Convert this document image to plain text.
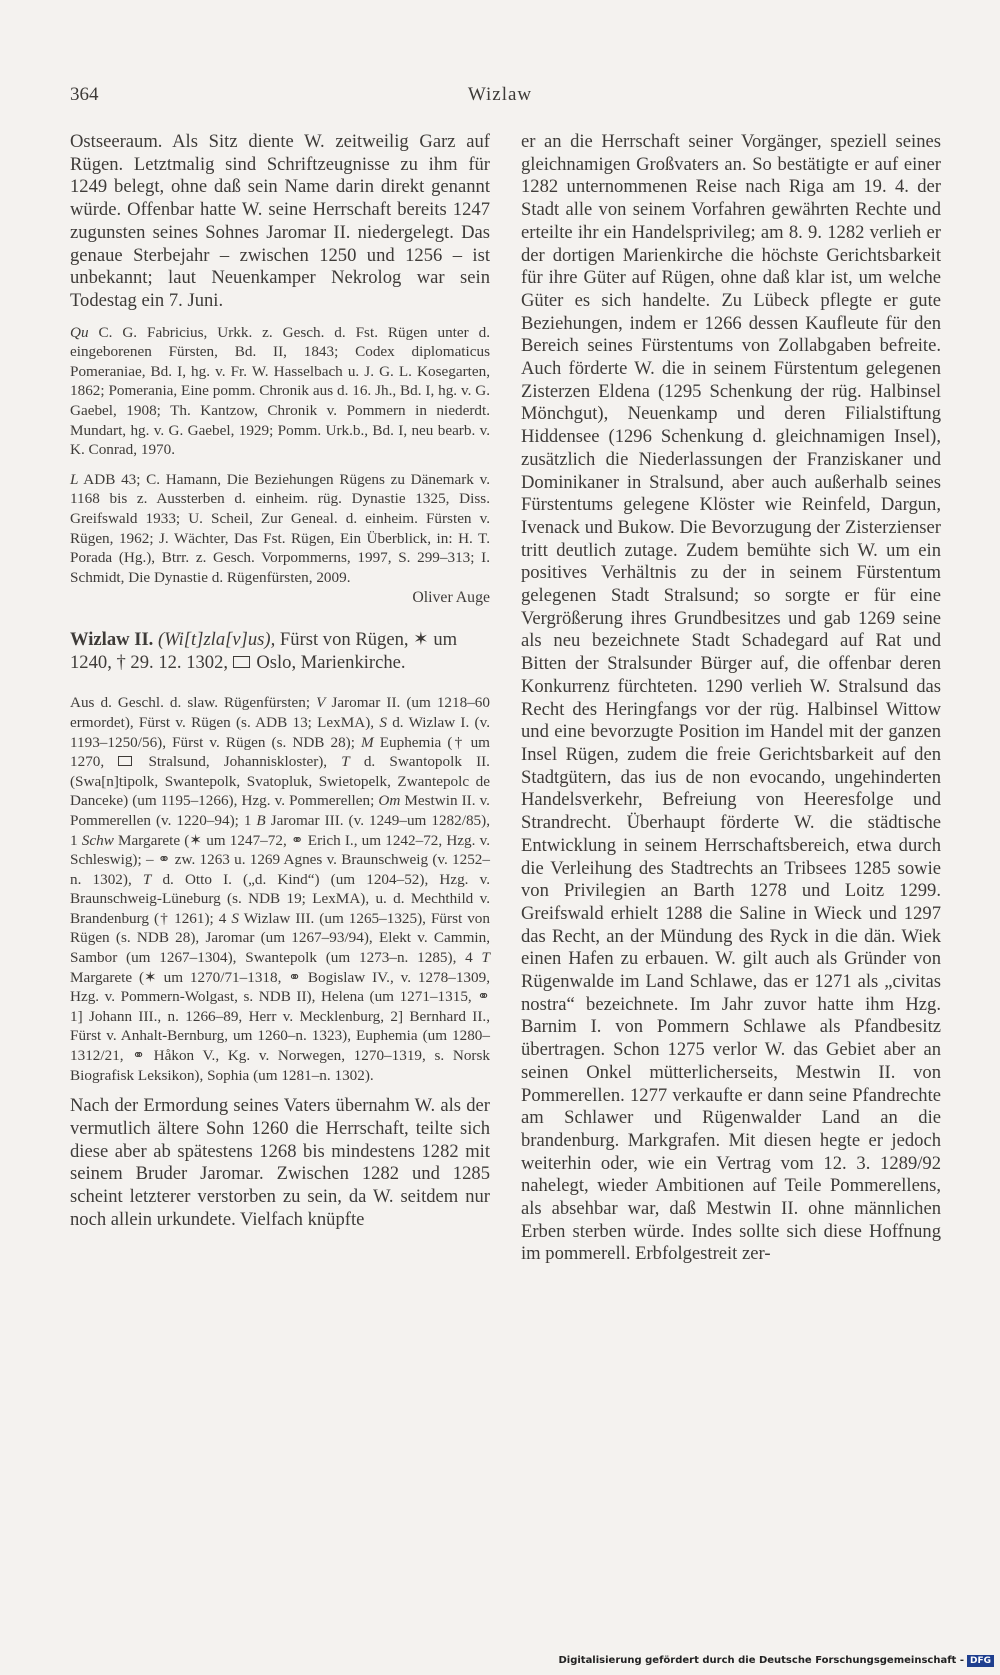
364	Wizlaw

Ostseeraum. Als Sitz diente W. zeitweilig Garz auf Rügen. Letztmalig sind Schriftzeugnisse zu ihm für 1249 belegt, ohne daß sein Name darin direkt genannt würde. Offenbar hatte W. seine Herrschaft bereits 1247 zugunsten seines Sohnes Jaromar II. niedergelegt. Das genaue Sterbejahr – zwischen 1250 und 1256 – ist unbekannt; laut Neuenkamper Nekrolog war sein Todestag ein 7. Juni.

Qu C. G. Fabricius, Urkk. z. Gesch. d. Fst. Rügen unter d. eingeborenen Fürsten, Bd. II, 1843; Codex diplomaticus Pomeraniae, Bd. I, hg. v. Fr. W. Hasselbach u. J. G. L. Kosegarten, 1862; Pomerania, Eine pomm. Chronik aus d. 16. Jh., Bd. I, hg. v. G. Gaebel, 1908; Th. Kantzow, Chronik v. Pommern in niederdt. Mundart, hg. v. G. Gaebel, 1929; Pomm. Urk.b., Bd. I, neu bearb. v. K. Conrad, 1970.

L ADB 43; C. Hamann, Die Beziehungen Rügens zu Dänemark v. 1168 bis z. Aussterben d. einheim. rüg. Dynastie 1325, Diss. Greifswald 1933; U. Scheil, Zur Geneal. d. einheim. Fürsten v. Rügen, 1962; J. Wächter, Das Fst. Rügen, Ein Überblick, in: H. T. Porada (Hg.), Btrr. z. Gesch. Vorpommerns, 1997, S. 299–313; I. Schmidt, Die Dynastie d. Rügenfürsten, 2009.

Oliver Auge

Wizlaw II. (Wi[t]zla[v]us), Fürst von Rügen, ✶ um 1240, † 29. 12. 1302,  Oslo, Marienkirche.

Aus d. Geschl. d. slaw. Rügenfürsten; V Jaromar II. (um 1218–60 ermordet), Fürst v. Rügen (s. ADB 13; LexMA), S d. Wizlaw I. (v. 1193–1250/56), Fürst v. Rügen (s. NDB 28); M Euphemia († um 1270,  Stralsund, Johanniskloster), T d. Swantopolk II. (Swa[n]tipolk, Swantepolk, Svatopluk, Swietopelk, Zwantepolc de Danceke) (um 1195–1266), Hzg. v. Pommerellen; Om Mestwin II. v. Pommerellen (v. 1220–94); 1 B Jaromar III. (v. 1249–um 1282/85), 1 Schw Margarete (✶ um 1247–72, ⚭ Erich I., um 1242–72, Hzg. v. Schleswig); – ⚭ zw. 1263 u. 1269 Agnes v. Braunschweig (v. 1252–n. 1302), T d. Otto I. („d. Kind“) (um 1204–52), Hzg. v. Braunschweig-Lüneburg (s. NDB 19; LexMA), u. d. Mechthild v. Brandenburg († 1261); 4 S Wizlaw III. (um 1265–1325), Fürst von Rügen (s. NDB 28), Jaromar (um 1267–93/94), Elekt v. Cammin, Sambor (um 1267–1304), Swantepolk (um 1273–n. 1285), 4 T Margarete (✶ um 1270/71–1318, ⚭ Bogislaw IV., v. 1278–1309, Hzg. v. Pommern-Wolgast, s. NDB II), Helena (um 1271–1315, ⚭ 1] Johann III., n. 1266–89, Herr v. Mecklenburg, 2] Bernhard II., Fürst v. Anhalt-Bernburg, um 1260–n. 1323), Euphemia (um 1280–1312/21, ⚭ Håkon V., Kg. v. Norwegen, 1270–1319, s. Norsk Biografisk Leksikon), Sophia (um 1281–n. 1302).

Nach der Ermordung seines Vaters übernahm W. als der vermutlich ältere Sohn 1260 die Herrschaft, teilte sich diese aber ab spätestens 1268 bis mindestens 1282 mit seinem Bruder Jaromar. Zwischen 1282 und 1285 scheint letzterer verstorben zu sein, da W. seitdem nur noch allein urkundete. Vielfach knüpfte

er an die Herrschaft seiner Vorgänger, speziell seines gleichnamigen Großvaters an. So bestätigte er auf einer 1282 unternommenen Reise nach Riga am 19. 4. der Stadt alle von seinem Vorfahren gewährten Rechte und erteilte ihr ein Handelsprivileg; am 8. 9. 1282 verlieh er der dortigen Marienkirche die höchste Gerichtsbarkeit für ihre Güter auf Rügen, ohne daß klar ist, um welche Güter es sich handelte. Zu Lübeck pflegte er gute Beziehungen, indem er 1266 dessen Kaufleute für den Bereich seines Fürstentums von Zollabgaben befreite. Auch förderte W. die in seinem Fürstentum gelegenen Zisterzen Eldena (1295 Schenkung der rüg. Halbinsel Mönchgut), Neuenkamp und deren Filialstiftung Hiddensee (1296 Schenkung d. gleichnamigen Insel), zusätzlich die Niederlassungen der Franziskaner und Dominikaner in Stralsund, aber auch außerhalb seines Fürstentums gelegene Klöster wie Reinfeld, Dargun, Ivenack und Bukow. Die Bevorzugung der Zisterzienser tritt deutlich zutage. Zudem bemühte sich W. um ein positives Verhältnis zu der in seinem Fürstentum gelegenen Stadt Stralsund; so sorgte er für eine Vergrößerung ihres Grundbesitzes und gab 1269 seine als neu bezeichnete Stadt Schadegard auf Rat und Bitten der Stralsunder Bürger auf, die offenbar deren Konkurrenz fürchteten. 1290 verlieh W. Stralsund das Recht des Heringfangs vor der rüg. Halbinsel Wittow und eine bevorzugte Position im Handel mit der ganzen Insel Rügen, zudem die freie Gerichtsbarkeit auf den Stadtgütern, das ius de non evocando, ungehinderten Handelsverkehr, Befreiung von Heeresfolge und Strandrecht. Überhaupt förderte W. die städtische Entwicklung in seinem Herrschaftsbereich, etwa durch die Verleihung des Stadtrechts an Tribsees 1285 sowie von Privilegien an Barth 1278 und Loitz 1299. Greifswald erhielt 1288 die Saline in Wieck und 1297 das Recht, an der Mündung des Ryck in die dän. Wiek einen Hafen zu erbauen. W. gilt auch als Gründer von Rügenwalde im Land Schlawe, das er 1271 als „civitas nostra“ bezeichnete. Im Jahr zuvor hatte ihm Hzg. Barnim I. von Pommern Schlawe als Pfandbesitz übertragen. Schon 1275 verlor W. das Gebiet aber an seinen Onkel mütterlicherseits, Mestwin II. von Pommerellen. 1277 verkaufte er dann seine Pfandrechte am Schlawer und Rügenwalder Land an die brandenburg. Markgrafen. Mit diesen hegte er jedoch weiterhin oder, wie ein Vertrag vom 12. 3. 1289/92 nahelegt, wieder Ambitionen auf Teile Pommerellens, als absehbar war, daß Mestwin II. ohne männlichen Erben sterben würde. Indes sollte sich diese Hoffnung im pommerell. Erbfolgestreit zer-

Digitalisierung gefördert durch die Deutsche Forschungsgemeinschaft - DFG
